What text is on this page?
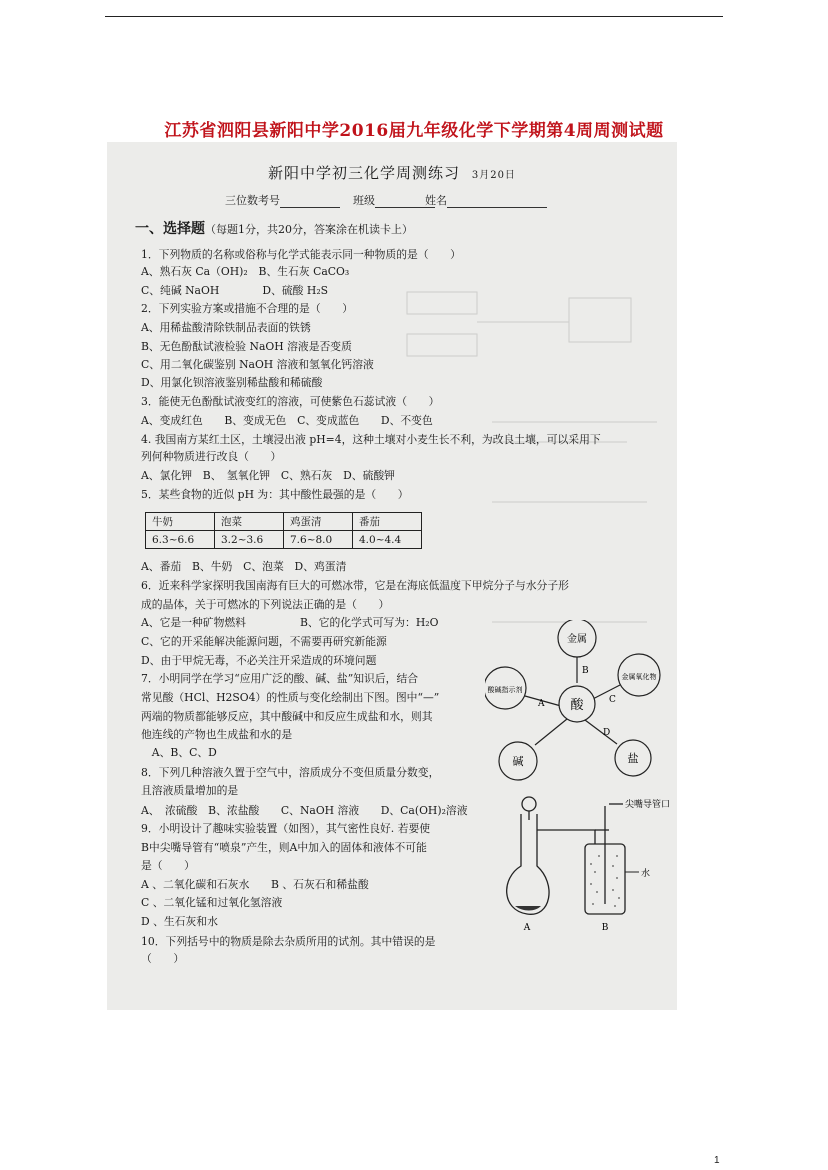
江苏省泗阳县新阳中学2016届九年级化学下学期第4周周测试题
新阳中学初三化学周测练习 3月20日
三位数考号	班级	姓名
一、选择题（每题1分，共20分，答案涂在机读卡上）
1．下列物质的名称或俗称与化学式能表示同一种物质的是（　　）
A、熟石灰 Ca（OH)₂　B、生石灰 CaCO₃
C、纯碱 NaOH　　　　D、硫酸 H₂S
2．下列实验方案或措施不合理的是（　　）
A、用稀盐酸清除铁制品表面的铁锈
B、无色酚酞试液检验 NaOH 溶液是否变质
C、用二氧化碳鉴别 NaOH 溶液和氢氧化钙溶液
D、用氯化钡溶液鉴别稀盐酸和稀硫酸
3．能使无色酚酞试液变红的溶液，可使紫色石蕊试液（　　）
A、变成红色　　B、变成无色　C、变成蓝色　　D、不变色
4. 我国南方某红土区，土壤浸出液 pH=4，这种土壤对小麦生长不利，为改良土壤，可以采用下
列何种物质进行改良（　　）
A、氯化钾　B、　氢氧化钾　C、熟石灰　D、硫酸钾
5．某些食物的近似 pH 为：其中酸性最强的是（　　）
牛奶	泡菜	鸡蛋清	番茄
6.3~6.6	3.2~3.6	7.6~8.0	4.0~4.4
A、番茄　B、牛奶　C、泡菜　D、鸡蛋清
6．近来科学家探明我国南海有巨大的可燃冰带，它是在海底低温度下甲烷分子与水分子形
成的晶体，关于可燃冰的下列说法正确的是（　　）
A、它是一种矿物燃料　　　　　B、它的化学式可写为：H₂O
C、它的开采能解决能源问题，不需要再研究新能源
D、由于甲烷无毒，不必关注开采造成的环境问题
7．小明同学在学习“应用广泛的酸、碱、盐”知识后，结合
常见酸（HCl、H2SO4）的性质与变化绘制出下图。图中“—”
两端的物质都能够反应，其中酸碱中和反应生成盐和水，则其
他连线的产物也生成盐和水的是
　A、B、C、D
8．下列几种溶液久置于空气中，溶质成分不变但质量分数变，
且溶液质量增加的是
A、　浓硫酸　B、浓盐酸　　C、NaOH 溶液　　D、Ca(OH)₂溶液
9．小明设计了趣味实验装置（如图），其气密性良好. 若要使
B中尖嘴导管有“喷泉”产生，则A中加入的固体和液体不可能
是（　　）
A 、二氧化碳和石灰水　　B 、石灰石和稀盐酸
C 、二氧化锰和过氧化氢溶液
D 、生石灰和水
10．下列括号中的物质是除去杂质所用的试剂。其中错误的是
（　　）
酸
金属
金属氧化物
盐
碱
酸碱指示剂
B
C
D
A
尖嘴导管口
水
A	B
1
